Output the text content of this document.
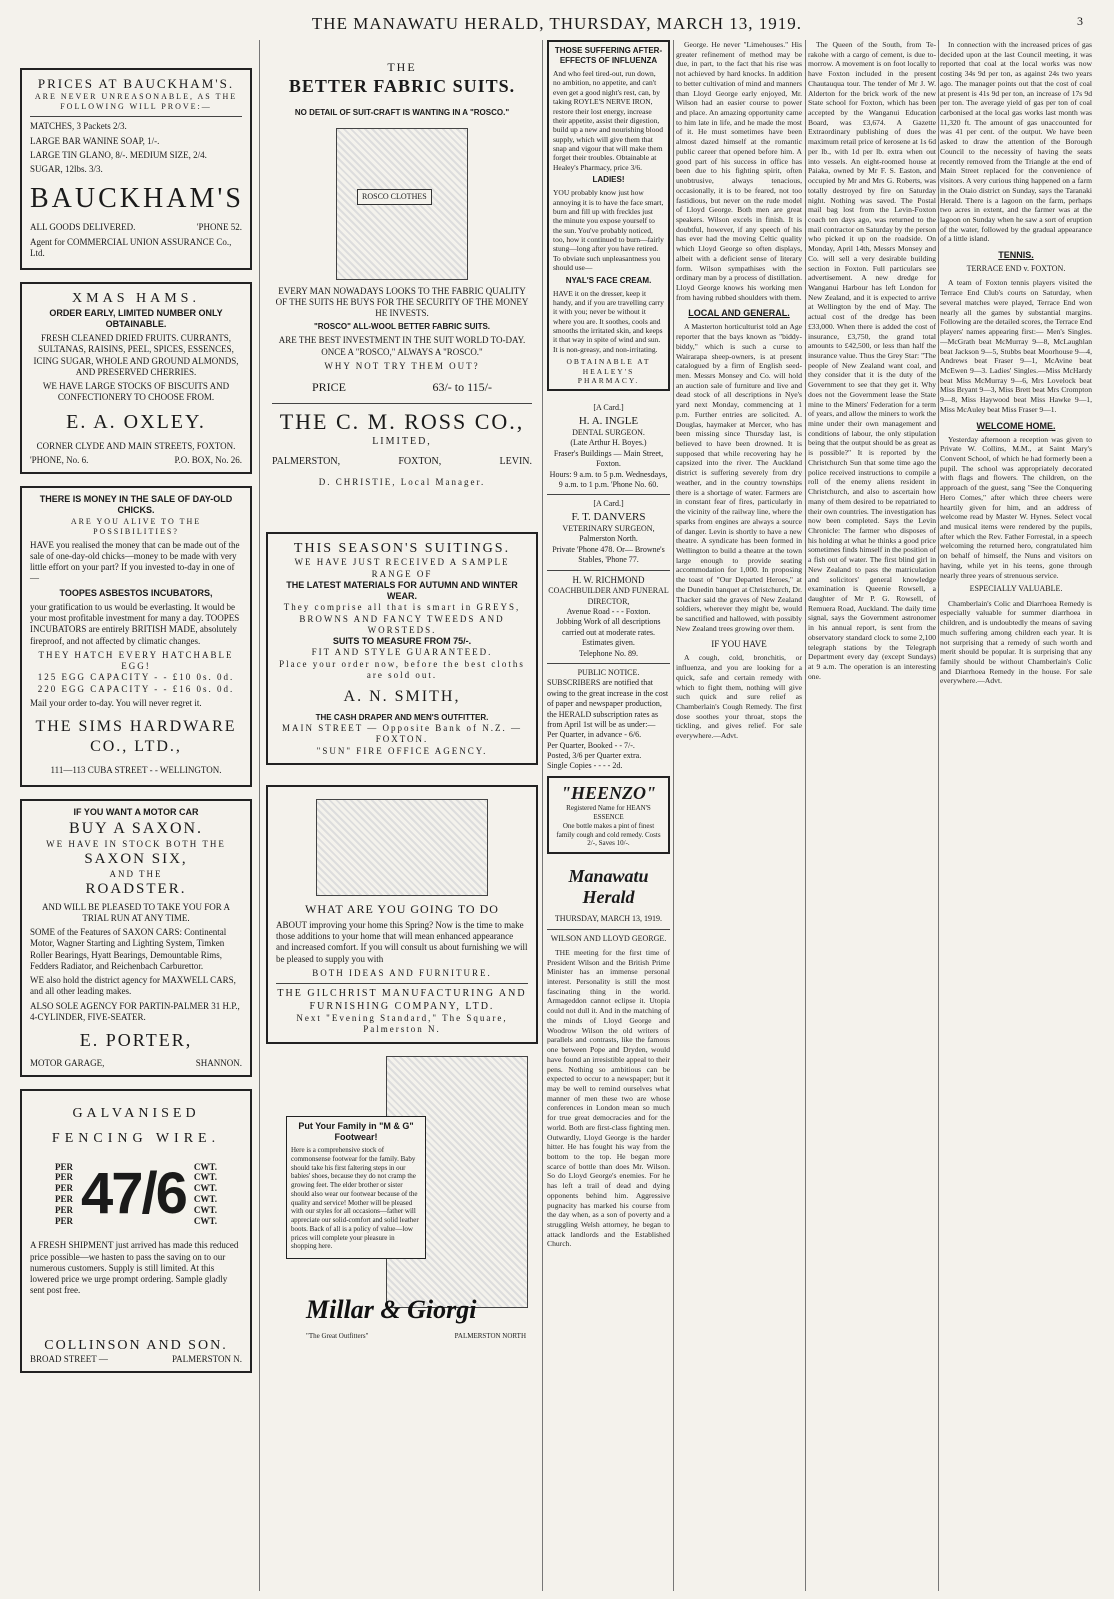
THE MANAWATU HERALD, THURSDAY, MARCH 13, 1919.	3
PRICES AT BAUCKHAM'S.
ARE NEVER UNREASONABLE, AS THE FOLLOWING WILL PROVE:—

MATCHES, 3 Packets 2/3.

LARGE BAR WANINE SOAP, 1/-.

LARGE TIN GLANO, 8/-. MEDIUM SIZE, 2/4.

SUGAR, 12lbs. 3/3.

BAUCKHAM'S
ALL GOODS DELIVERED.	'PHONE 52.

Agent for COMMERCIAL UNION ASSURANCE Co., Ltd.

XMAS HAMS.
ORDER EARLY, LIMITED NUMBER ONLY OBTAINABLE.

FRESH CLEANED DRIED FRUITS. CURRANTS, SULTANAS, RAISINS, PEEL, SPICES, ESSENCES, ICING SUGAR, WHOLE AND GROUND ALMONDS, AND PRESERVED CHERRIES.

WE HAVE LARGE STOCKS OF BISCUITS AND CONFECTIONERY TO CHOOSE FROM.

E. A. OXLEY.

CORNER CLYDE AND MAIN STREETS, FOXTON.

'PHONE, No. 6.	P.O. BOX, No. 26.
THERE IS MONEY IN THE SALE OF DAY-OLD CHICKS.
ARE YOU ALIVE TO THE POSSIBILITIES?

HAVE you realised the money that can be made out of the sale of one-day-old chicks—money to be made with very little effort on your part? If you invested to-day in one of—

TOOPES ASBESTOS INCUBATORS,

your gratification to us would be everlasting. It would be your most profitable investment for many a day. TOOPES INCUBATORS are entirely BRITISH MADE, absolutely fireproof, and not affected by climatic changes.

THEY HATCH EVERY HATCHABLE EGG!
125 EGG CAPACITY - - £10 0s. 0d.
220 EGG CAPACITY - - £16 0s. 0d.

Mail your order to-day. You will never regret it.

THE SIMS HARDWARE CO., LTD.,

111—113 CUBA STREET - - WELLINGTON.

IF YOU WANT A MOTOR CAR
BUY A SAXON.
WE HAVE IN STOCK BOTH THE
SAXON SIX,
AND THE
ROADSTER.

AND WILL BE PLEASED TO TAKE YOU FOR A TRIAL RUN AT ANY TIME.

SOME of the Features of SAXON CARS: Continental Motor, Wagner Starting and Lighting System, Timken Roller Bearings, Hyatt Bearings, Demountable Rims, Fedders Radiator, and Reichenbach Carburettor.

WE also hold the district agency for MAXWELL CARS, and all other leading makes.

ALSO SOLE AGENCY FOR PARTIN-PALMER 31 H.P., 4-CYLINDER, FIVE-SEATER.

E. PORTER,
MOTOR GARAGE,	SHANNON.
GALVANISED
FENCING WIRE.
PER
PER
PER
PER
PER
PER 47/6 CWT.
CWT.
CWT.
CWT.
CWT.
CWT.

A FRESH SHIPMENT just arrived has made this reduced price possible—we hasten to pass the saving on to our numerous customers. Supply is still limited. At this lowered price we urge prompt ordering. Sample gladly sent post free.

COLLINSON AND SON.
BROAD STREET —	PALMERSTON N.
THE
BETTER FABRIC SUITS.
NO DETAIL OF SUIT-CRAFT IS WANTING IN A "ROSCO."
ROSCO CLOTHES

EVERY MAN NOWADAYS LOOKS TO THE FABRIC QUALITY OF THE SUITS HE BUYS FOR THE SECURITY OF THE MONEY HE INVESTS.

"ROSCO" ALL-WOOL BETTER FABRIC SUITS.

ARE THE BEST INVESTMENT IN THE SUIT WORLD TO-DAY. ONCE A "ROSCO," ALWAYS A "ROSCO."

WHY NOT TRY THEM OUT?
PRICE	63/- to 115/-
THE C. M. ROSS CO.,
LIMITED,
PALMERSTON,	FOXTON,	LEVIN.
D. CHRISTIE, Local Manager.
THIS SEASON'S SUITINGS.
WE HAVE JUST RECEIVED A SAMPLE RANGE OF
THE LATEST MATERIALS FOR AUTUMN AND WINTER WEAR.
They comprise all that is smart in GREYS, BROWNS AND FANCY TWEEDS AND WORSTEDS.
SUITS TO MEASURE FROM 75/-.
FIT AND STYLE GUARANTEED.
Place your order now, before the best cloths are sold out.
A. N. SMITH,
THE CASH DRAPER AND MEN'S OUTFITTER.
MAIN STREET — Opposite Bank of N.Z. — FOXTON.
"SUN" FIRE OFFICE AGENCY.
WHAT ARE YOU GOING TO DO

ABOUT improving your home this Spring? Now is the time to make those additions to your home that will mean enhanced appearance and increased comfort. If you will consult us about furnishing we will be pleased to supply you with

BOTH IDEAS AND FURNITURE.
THE GILCHRIST MANUFACTURING AND FURNISHING COMPANY, LTD.
Next "Evening Standard," The Square, Palmerston N.
Put Your Family in "M & G" Footwear!

Here is a comprehensive stock of commonsense footwear for the family. Baby should take his first faltering steps in our babies' shoes, because they do not cramp the growing feet. The elder brother or sister should also wear our footwear because of the quality and service! Mother will be pleased with our styles for all occasions—father will appreciate our solid-comfort and solid leather boots. Back of all is a policy of value—low prices will complete your pleasure in shopping here.

Millar & Giorgi
"The Great Outfitters"	PALMERSTON NORTH
THOSE SUFFERING AFTER-EFFECTS OF INFLUENZA

And who feel tired-out, run down, no ambition, no appetite, and can't even get a good night's rest, can, by taking ROYLE'S NERVE IRON, restore their lost energy, increase their appetite, assist their digestion, build up a new and nourishing blood supply, which will give them that snap and vigour that will make them forget their troubles. Obtainable at Healey's Pharmacy, price 3/6.

LADIES!

YOU probably know just how annoying it is to have the face smart, burn and fill up with freckles just the minute you expose yourself to the sun. You've probably noticed, too, how it continued to burn—fairly stung—long after you have retired. To obviate such unpleasantness you should use—

NYAL'S FACE CREAM.

HAVE it on the dresser, keep it handy, and if you are travelling carry it with you; never be without it where you are. It soothes, cools and smooths the irritated skin, and keeps it that way in spite of wind and sun. It is non-greasy, and non-irritating.

OBTAINABLE AT HEALEY'S PHARMACY.
[A Card.]
H. A. INGLE
DENTAL SURGEON.
(Late Arthur H. Boyes.)
Fraser's Buildings — Main Street, Foxton.
Hours: 9 a.m. to 5 p.m. Wednesdays, 9 a.m. to 1 p.m. 'Phone No. 60.
[A Card.]
F. T. DANVERS
VETERINARY SURGEON, Palmerston North.
Private 'Phone 478. Or— Browne's Stables, 'Phone 77.
H. W. RICHMOND
COACHBUILDER AND FUNERAL DIRECTOR,
Avenue Road - - - Foxton.
Jobbing Work of all descriptions carried out at moderate rates.
Estimates given.
Telephone No. 89.
PUBLIC NOTICE.
SUBSCRIBERS are notified that owing to the great increase in the cost of paper and newspaper production, the HERALD subscription rates as from April 1st will be as under:—
Per Quarter, in advance - 6/6.
Per Quarter, Booked - - 7/-.
Posted, 3/6 per Quarter extra.
Single Copies - - - - 2d.
"HEENZO"
Registered Name for HEAN'S ESSENCE
One bottle makes a pint of finest family cough and cold remedy. Costs 2/-, Saves 10/-.
Manawatu Herald
THURSDAY, MARCH 13, 1919.
WILSON AND LLOYD GEORGE.

THE meeting for the first time of President Wilson and the British Prime Minister has an immense personal interest. Personality is still the most fascinating thing in the world. Armageddon cannot eclipse it. Utopia could not dull it. And in the matching of the minds of Lloyd George and Woodrow Wilson the old writers of parallels and contrasts, like the famous one between Pope and Dryden, would have found an irresistible appeal to their pens. Nothing so ambitious can be expected to occur to a newspaper; but it may be well to remind ourselves what manner of men these two are whose conferences in London mean so much for true great democracies and for the world. Both are first-class fighting men. Outwardly, Lloyd George is the harder hitter. He has fought his way from the bottom to the top. He began more scarce of bottle than does Mr. Wilson. So do Lloyd George's enemies. For he has left a trail of dead and dying opponents behind him. Aggressive pugnacity has marked his course from the day when, as a son of poverty and a struggling Welsh attorney, he began to attack landlords and the Established Church.

George. He never "Limehouses." His greater refinement of method may be due, in part, to the fact that his rise was not achieved by hard knocks. In addition to better cultivation of mind and manners than Lloyd George early enjoyed, Mr. Wilson had an easier course to power and place. An amazing opportunity came to him late in life, and he made the most of it. He must sometimes have been almost dazed himself at the romantic public career that opened before him. A good part of his success in office has been due to his fighting spirit, often unobtrusive, always tenacious, occasionally, it is to be feared, not too fastidious, but never on the rude model of Lloyd George. Both men are great speakers. Wilson excels in finish. It is doubtful, however, if any speech of his has ever had the moving Celtic quality which Lloyd George so often displays, albeit with a deficient sense of literary form. Wilson sympathises with the ordinary man by a process of distillation. Lloyd George knows his working men from having rubbed shoulders with them.

LOCAL AND GENERAL.

A Masterton horticulturist told an Age reporter that the bays known as "biddy-biddy," which is such a curse to Wairarapa sheep-owners, is at present catalogued by a firm of English seed-men. Messrs Monsey and Co. will hold an auction sale of furniture and live and dead stock of all descriptions in Nye's yard next Monday, commencing at 1 p.m. Further entries are solicited. A. Douglas, haymaker at Mercer, who has been missing since Thursday last, is believed to have been drowned. It is supposed that while recovering hay he capsized into the river. The Auckland district is suffering severely from dry weather, and in the country townships there is a shortage of water. Farmers are in constant fear of fires, particularly in the vicinity of the railway line, where the sparks from engines are always a source of danger. Levin is shortly to have a new theatre. A syndicate has been formed in Wellington to build a theatre at the town large enough to provide seating accommodation for 1,000. In proposing the toast of "Our Departed Heroes," at the Dunedin banquet at Christchurch, Dr. Thacker said the graves of New Zealand soldiers, wherever they might be, would be sanctified and hallowed, with possibly New Zealand trees growing over them.

IF YOU HAVE

A cough, cold, bronchitis, or influenza, and you are looking for a quick, safe and certain remedy with which to fight them, nothing will give such quick and sure relief as Chamberlain's Cough Remedy. The first dose soothes your throat, stops the tickling, and gives relief. For sale everywhere.—Advt.

The Queen of the South, from Te-rakohe with a cargo of cement, is due to-morrow. A movement is on foot locally to have Foxton included in the present Chautauqua tour. The tender of Mr J. W. Alderton for the brick work of the new State school for Foxton, which has been accepted by the Wanganui Education Board, was £3,674. A Gazette Extraordinary publishing of dues the maximum retail price of kerosene at 1s 6d per lb., with 1d per lb. extra when out into vessels. An eight-roomed house at Paiaka, owned by Mr F. S. Easton, and occupied by Mr and Mrs G. Roberts, was totally destroyed by fire on Saturday night. Nothing was saved. The Postal mail bag lost from the Levin-Foxton coach ten days ago, was returned to the mail contractor on Saturday by the person who picked it up on the roadside. On Monday, April 14th, Messrs Monsey and Co. will sell a very desirable building section in Foxton. Full particulars see advertisement. A new dredge for Wanganui Harbour has left London for New Zealand, and it is expected to arrive at Wellington by the end of May. The actual cost of the dredge has been £33,000. When there is added the cost of insurance, £3,750, the grand total amounts to £42,500, or less than half the insurance value. Thus the Grey Star: "The people of New Zealand want coal, and they consider that it is the duty of the Government to see that they get it. Why does not the Government lease the State mine to the Miners' Federation for a term of years, and allow the miners to work the mine under their own management and conditions of labour, the only stipulation being that the output should be as great as is possible?" It is reported by the Christchurch Sun that some time ago the police received instructions to compile a roll of the enemy aliens resident in Christchurch, and also to ascertain how many of them desired to be repatriated to their own countries. The investigation has now been completed. Says the Levin Chronicle: The farmer who disposes of his holding at what he thinks a good price sometimes finds himself in the position of a fish out of water. The first blind girl in New Zealand to pass the matriculation and solicitors' general knowledge examination is Queenie Rowsell, a daughter of Mr P. G. Rowsell, of Remuera Road, Auckland. The daily time signal, says the Government astronomer in his annual report, is sent from the observatory standard clock to some 2,100 telegraph stations by the Telegraph Department every day (except Sundays) at 9 a.m. The operation is an interesting one.

In connection with the increased prices of gas decided upon at the last Council meeting, it was reported that coal at the local works was now costing 34s 9d per ton, as against 24s two years ago. The manager points out that the cost of coal at present is 41s 9d per ton, an increase of 17s 9d per ton. The average yield of gas per ton of coal carbonised at the local gas works last month was 11,320 ft. The amount of gas unaccounted for was 41 per cent. of the output. We have been asked to draw the attention of the Borough Council to the necessity of having the seats recently removed from the Triangle at the end of Main Street replaced for the convenience of visitors. A very curious thing happened on a farm in the Otaio district on Sunday, says the Taranaki Herald. There is a lagoon on the farm, perhaps two acres in extent, and the farmer was at the lagoon on Sunday when he saw a sort of eruption of the water, followed by the gradual appearance of a little island.

TENNIS.
TERRACE END v. FOXTON.

A team of Foxton tennis players visited the Terrace End Club's courts on Saturday, when several matches were played, Terrace End won nearly all the games by substantial margins. Following are the detailed scores, the Terrace End players' names appearing first:— Men's Singles.—McGrath beat McMurray 9—8, McLaughlan beat Jackson 9—5, Stubbs beat Moorhouse 9—4, Andrews beat Fraser 9—1, McAvine beat McEwen 9—3. Ladies' Singles.—Miss McHardy beat Miss McMurray 9—6, Mrs Lovelock beat Miss Bryant 9—3, Miss Brett beat Mrs Crompton 9—8, Miss Haywood beat Miss Hawke 9—1, Miss McAuley beat Miss Fraser 9—1.

WELCOME HOME.

Yesterday afternoon a reception was given to Private W. Collins, M.M., at Saint Mary's Convent School, of which he had formerly been a pupil. The school was appropriately decorated with flags and flowers. The children, on the approach of the guest, sang "See the Conquering Hero Comes," after which three cheers were heartily given for him, and an address of welcome read by Master W. Hynes. Select vocal and musical items were rendered by the pupils, after which the Rev. Father Forrestal, in a speech welcoming the returned hero, congratulated him on behalf of himself, the Nuns and visitors on having, while yet in his teens, gone through nearly three years of strenuous service.

ESPECIALLY VALUABLE.

Chamberlain's Colic and Diarrhoea Remedy is especially valuable for summer diarrhoea in children, and is undoubtedly the means of saving much suffering among children each year. It is not surprising that a remedy of such worth and merit should be popular. It is surprising that any family should be without Chamberlain's Colic and Diarrhoea Remedy in the house. For sale everywhere.—Advt.
